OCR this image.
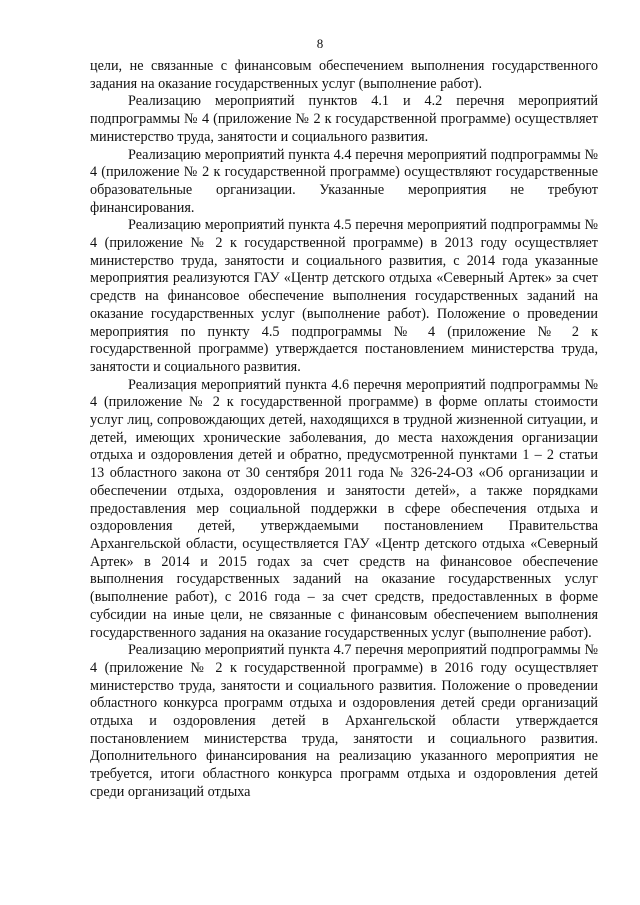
8

цели, не связанные с финансовым обеспечением выполнения государственного задания на оказание государственных услуг (выполнение работ).

Реализацию мероприятий пунктов 4.1 и 4.2 перечня мероприятий подпрограммы № 4 (приложение № 2 к государственной программе) осуществляет министерство труда, занятости и социального развития.

Реализацию мероприятий пункта 4.4 перечня мероприятий подпрограммы № 4 (приложение № 2 к государственной программе) осуществляют государственные образовательные организации. Указанные мероприятия не требуют финансирования.

Реализацию мероприятий пункта 4.5 перечня мероприятий подпрограммы № 4 (приложение № 2 к государственной программе) в 2013 году осуществляет министерство труда, занятости и социального развития, с 2014 года указанные мероприятия реализуются ГАУ «Центр детского отдыха «Северный Артек» за счет средств на финансовое обеспечение выполнения государственных заданий на оказание государственных услуг (выполнение работ). Положение о проведении мероприятия по пункту 4.5 подпрограммы № 4 (приложение № 2 к государственной программе) утверждается постановлением министерства труда, занятости и социального развития.

Реализация мероприятий пункта 4.6 перечня мероприятий подпрограммы № 4 (приложение № 2 к государственной программе) в форме оплаты стоимости услуг лиц, сопровождающих детей, находящихся в трудной жизненной ситуации, и детей, имеющих хронические заболевания, до места нахождения организации отдыха и оздоровления детей и обратно, предусмотренной пунктами 1 – 2 статьи 13 областного закона от 30 сентября 2011 года № 326-24-ОЗ «Об организации и обеспечении отдыха, оздоровления и занятости детей», а также порядками предоставления мер социальной поддержки в сфере обеспечения отдыха и оздоровления детей, утверждаемыми постановлением Правительства Архангельской области, осуществляется ГАУ «Центр детского отдыха «Северный Артек» в 2014 и 2015 годах за счет средств на финансовое обеспечение выполнения государственных заданий на оказание государственных услуг (выполнение работ), с 2016 года – за счет средств, предоставленных в форме субсидии на иные цели, не связанные с финансовым обеспечением выполнения государственного задания на оказание государственных услуг (выполнение работ).

Реализацию мероприятий пункта 4.7 перечня мероприятий подпрограммы № 4 (приложение № 2 к государственной программе) в 2016 году осуществляет министерство труда, занятости и социального развития. Положение о проведении областного конкурса программ отдыха и оздоровления детей среди организаций отдыха и оздоровления детей в Архангельской области утверждается постановлением министерства труда, занятости и социального развития. Дополнительного финансирования на реализацию указанного мероприятия не требуется, итоги областного конкурса программ отдыха и оздоровления детей среди организаций отдыха
